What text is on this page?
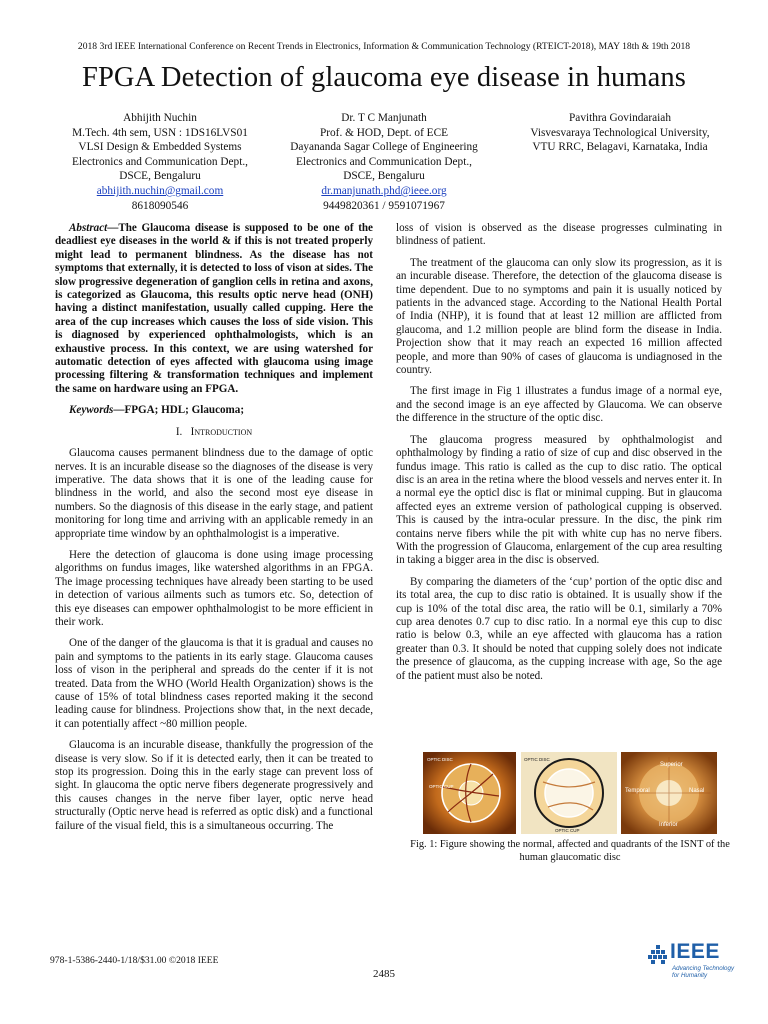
2018 3rd IEEE International Conference on Recent Trends in Electronics, Information & Communication Technology (RTEICT-2018), MAY 18th & 19th 2018
FPGA Detection of glaucoma eye disease in humans
Abhijith Nuchin
M.Tech. 4th sem, USN : 1DS16LVS01
VLSI Design & Embedded Systems
Electronics and Communication Dept.,
DSCE, Bengaluru
abhijith.nuchin@gmail.com
8618090546
Dr. T C Manjunath
Prof. & HOD, Dept. of ECE
Dayananda Sagar College of Engineering
Electronics and Communication Dept.,
DSCE, Bengaluru
dr.manjunath.phd@ieee.org
9449820361 / 9591071967
Pavithra Govindaraiah
Visvesvaraya Technological University,
VTU RRC, Belagavi, Karnataka, India

Abstract—The Glaucoma disease is supposed to be one of the deadliest eye diseases in the world & if this is not treated properly might lead to permanent blindness. As the disease has not symptoms that externally, it is detected to loss of vison at sides. The slow progressive degeneration of ganglion cells in retina and axons, is categorized as Glaucoma, this results optic nerve head (ONH) having a distinct manifestation, usually called cupping. Here the area of the cup increases which causes the loss of side vision. This is diagnosed by experienced ophthalmologists, which is an exhaustive process. In this context, we are using watershed for automatic detection of eyes affected with glaucoma using image processing filtering & transformation techniques and implement the same on hardware using an FPGA.

Keywords—FPGA; HDL; Glaucoma;

I. Introduction

Glaucoma causes permanent blindness due to the damage of optic nerves. It is an incurable disease so the diagnoses of the disease is very imperative. The data shows that it is one of the leading cause for blindness in the world, and also the second most eye disease in numbers. So the diagnosis of this disease in the early stage, and patient monitoring for long time and arriving with an applicable remedy in an appropriate time window by an ophthalmologist is a imperative.

Here the detection of glaucoma is done using image processing algorithms on fundus images, like watershed algorithms in an FPGA. The image processing techniques have already been starting to be used in detection of various ailments such as tumors etc. So, detection of this eye diseases can empower ophthalmologist to be more efficient in their work.

One of the danger of the glaucoma is that it is gradual and causes no pain and symptoms to the patients in its early stage. Glaucoma causes loss of vison in the peripheral and spreads do the center if it is not treated. Data from the WHO (World Health Organization) shows is the cause of 15% of total blindness cases reported making it the second leading cause for blindness. Projections show that, in the next decade, it can potentially affect ~80 million people.

Glaucoma is an incurable disease, thankfully the progression of the disease is very slow. So if it is detected early, then it can be treated to stop its progression. Doing this in the early stage can prevent loss of sight. In glaucoma the optic nerve fibers degenerate progressively and this causes changes in the nerve fiber layer, optic nerve head structurally (Optic nerve head is referred as optic disk) and a functional failure of the visual field, this is a simultaneous occurring. The

loss of vision is observed as the disease progresses culminating in blindness of patient.

The treatment of the glaucoma can only slow its progression, as it is an incurable disease. Therefore, the detection of the glaucoma disease is time dependent. Due to no symptoms and pain it is usually noticed by patients in the advanced stage. According to the National Health Portal of India (NHP), it is found that at least 12 million are afflicted from glaucoma, and 1.2 million people are blind form the disease in India. Projection show that it may reach an expected 16 million affected people, and more than 90% of cases of glaucoma is undiagnosed in the country.

The first image in Fig 1 illustrates a fundus image of a normal eye, and the second image is an eye affected by Glaucoma. We can observe the difference in the structure of the optic disc.

The glaucoma progress measured by ophthalmologist and ophthalmology by finding a ratio of size of cup and disc observed in the fundus image. This ratio is called as the cup to disc ratio. The optical disc is an area in the retina where the blood vessels and nerves enter it. In a normal eye the opticl disc is flat or minimal cupping. But in glaucoma affected eyes an extreme version of pathological cupping is observed. This is caused by the intra-ocular pressure. In the disc, the pink rim contains nerve fibers while the pit with white cup has no nerve fibers. With the progression of Glaucoma, enlargement of the cup area resulting in taking a bigger area in the disc is observed.

By comparing the diameters of the ‘cup’ portion of the optic disc and its total area, the cup to disc ratio is obtained. It is usually show if the cup is 10% of the total disc area, the ratio will be 0.1, similarly a 70% cup area denotes 0.7 cup to disc ratio. In a normal eye this cup to disc ratio is below 0.3, while an eye affected with glaucoma has a ration greater than 0.3. It should be noted that cupping solely does not indicate the presence of glaucoma, as the cupping increase with age, So the age of the patient must also be noted.

OPTIC DISC
OPTIC CUP
OPTIC DISC
OPTIC CUP
Superior
Temporal	Nasal
Inferior
Fig. 1: Figure showing the normal, affected and quadrants of the ISNT of the human glaucomatic disc
978-1-5386-2440-1/18/$31.00 ©2018 IEEE
2485
IEEE
Advancing Technology
for Humanity
